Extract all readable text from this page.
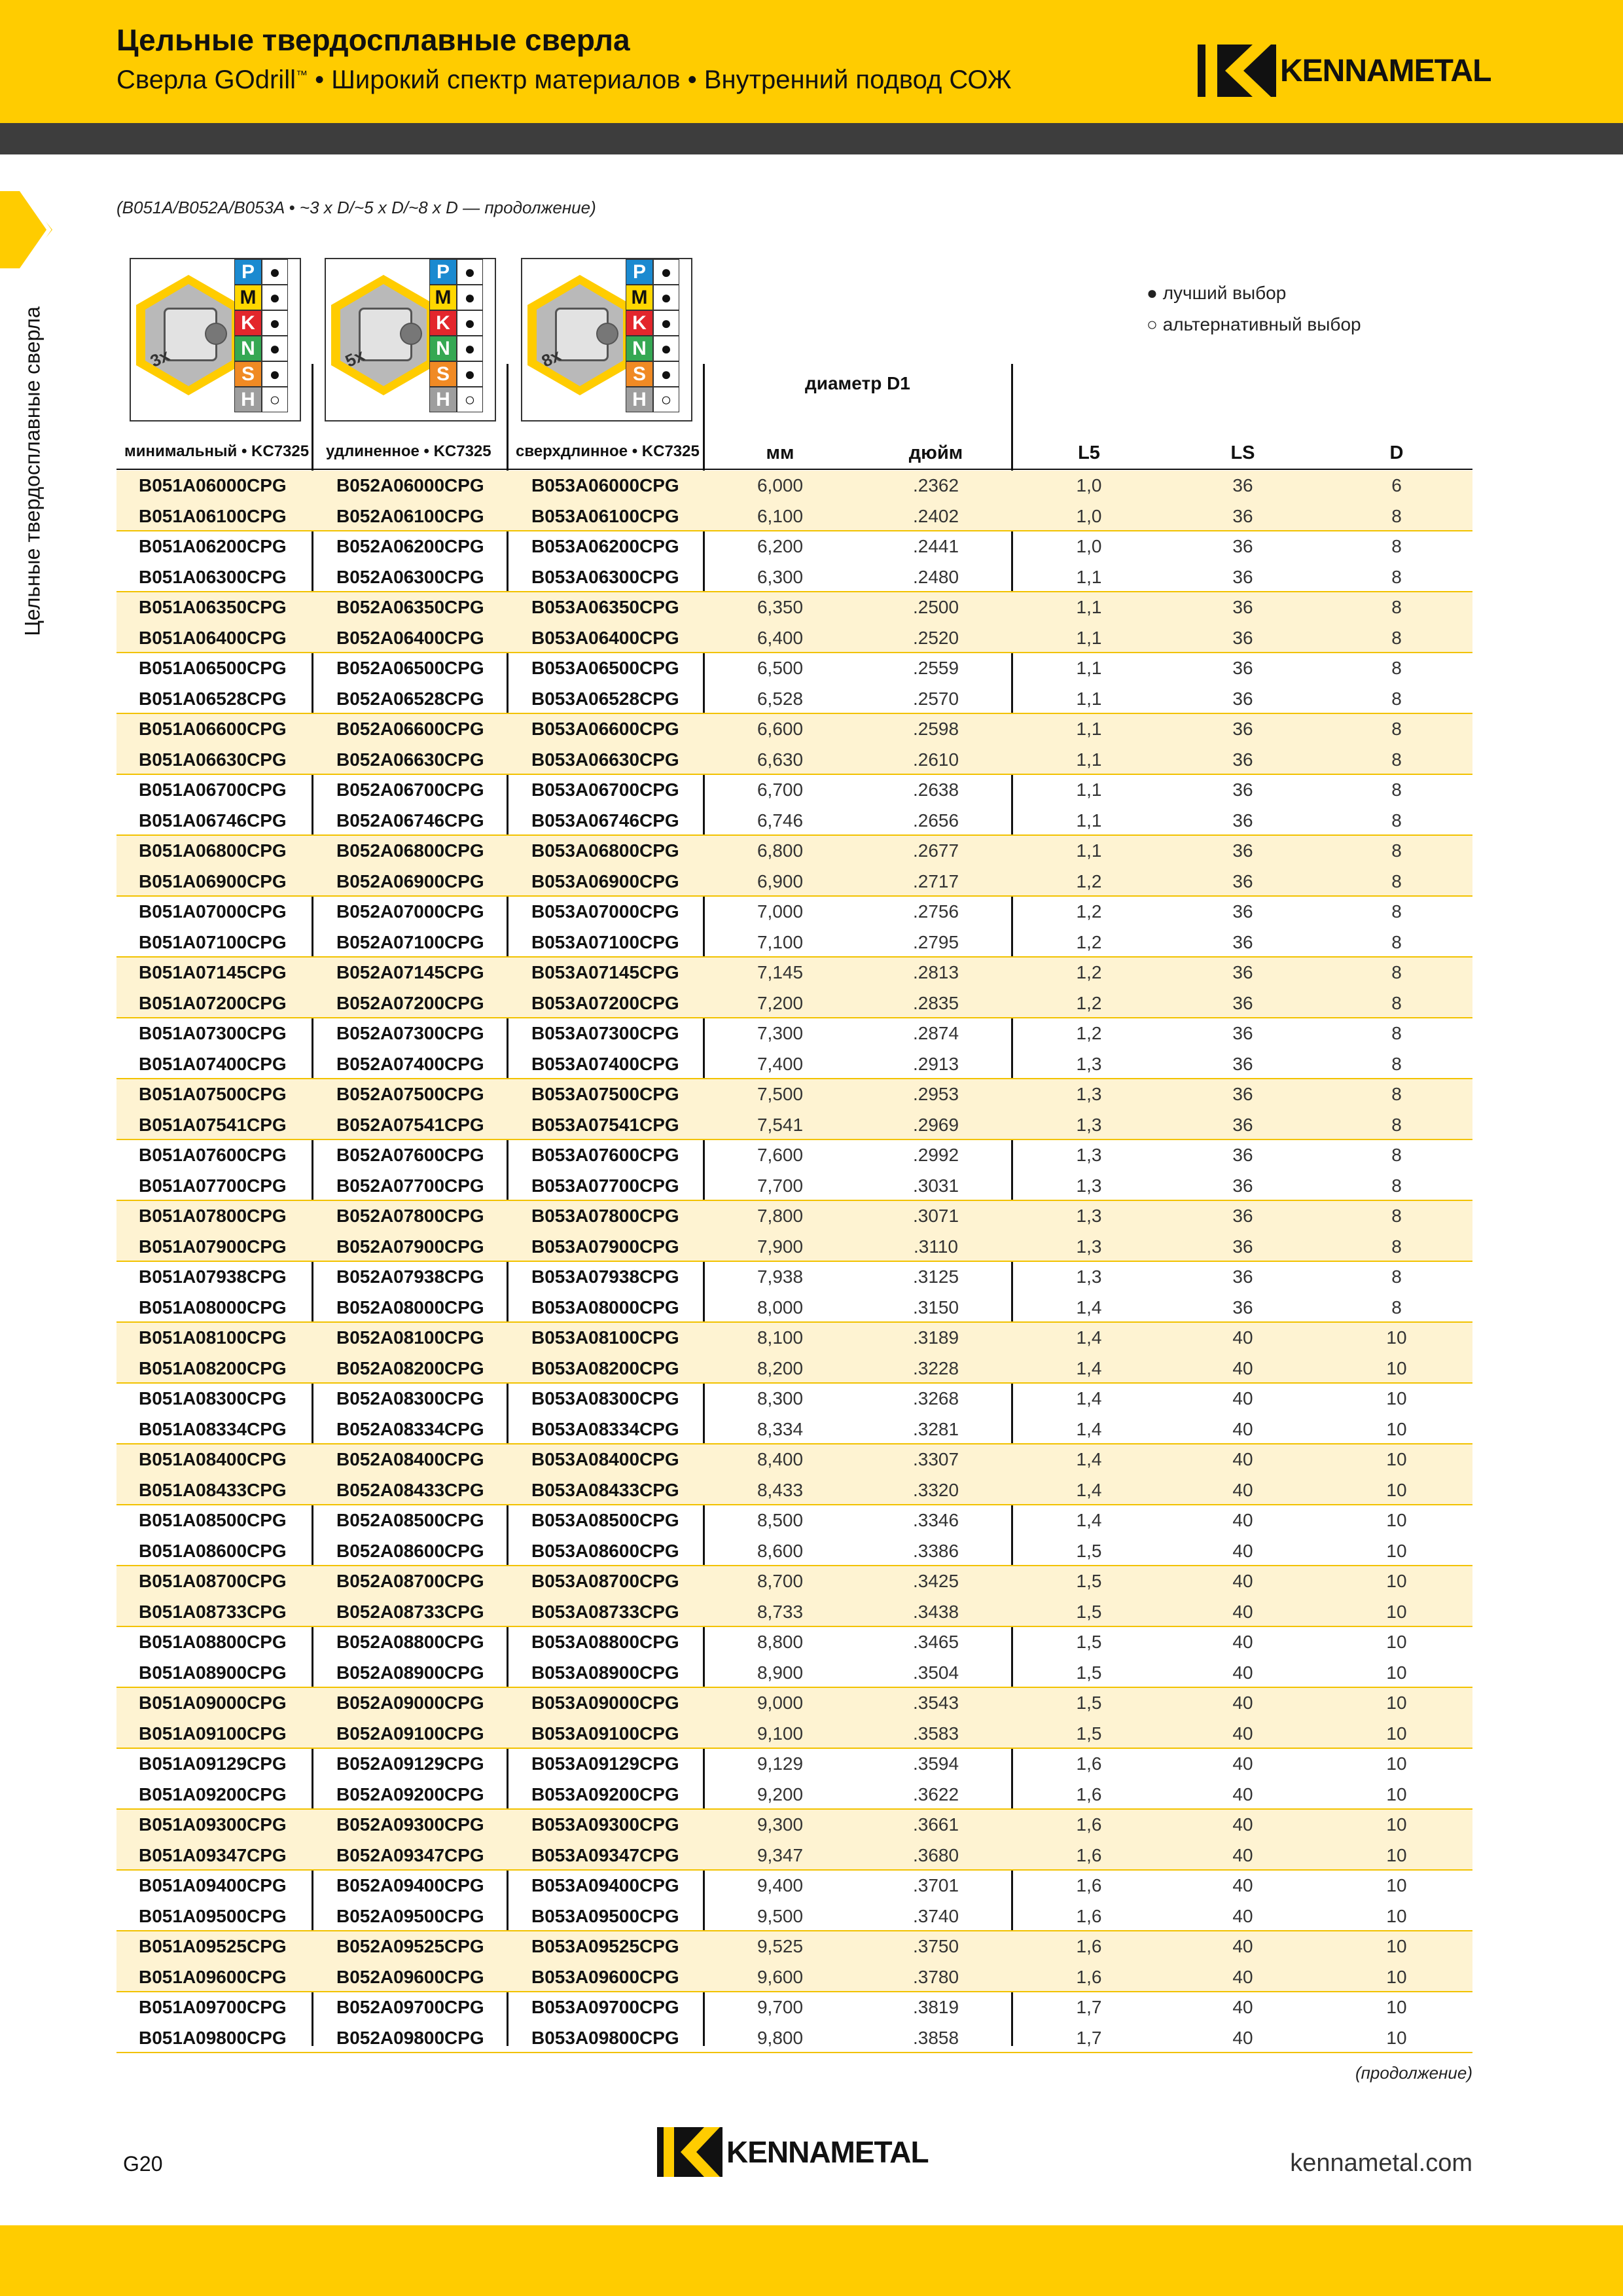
Цельные твердосплавные сверла
Сверла GOdrill™ • Широкий спектр материалов • Внутренний подвод СОЖ	KENNAMETAL
Цельные твердосплавные сверла
(B051A/B052A/B053A • ~3 x D/~5 x D/~8 x D — продолжение)
3x
P ●
M ●
K ●
N ●
S ●
H ○
5x
P ●
M ●
K ●
N ●
S ●
H ○
8x
P ●
M ●
K ●
N ●
S ●
H ○
● лучший выбор
○ альтернативный выбор
диаметр D1
минимальный • KC7325 удлиненное • KC7325 сверхдлинное • KC7325	мм	дюйм	L5	LS	D
B051A06000CPG	B052A06000CPG	B053A06000CPG	6,000	.2362	1,0	36	6
B051A06100CPG	B052A06100CPG	B053A06100CPG	6,100	.2402	1,0	36	8
B051A06200CPG	B052A06200CPG	B053A06200CPG	6,200	.2441	1,0	36	8
B051A06300CPG	B052A06300CPG	B053A06300CPG	6,300	.2480	1,1	36	8
B051A06350CPG	B052A06350CPG	B053A06350CPG	6,350	.2500	1,1	36	8
B051A06400CPG	B052A06400CPG	B053A06400CPG	6,400	.2520	1,1	36	8
B051A06500CPG	B052A06500CPG	B053A06500CPG	6,500	.2559	1,1	36	8
B051A06528CPG	B052A06528CPG	B053A06528CPG	6,528	.2570	1,1	36	8
B051A06600CPG	B052A06600CPG	B053A06600CPG	6,600	.2598	1,1	36	8
B051A06630CPG	B052A06630CPG	B053A06630CPG	6,630	.2610	1,1	36	8
B051A06700CPG	B052A06700CPG	B053A06700CPG	6,700	.2638	1,1	36	8
B051A06746CPG	B052A06746CPG	B053A06746CPG	6,746	.2656	1,1	36	8
B051A06800CPG	B052A06800CPG	B053A06800CPG	6,800	.2677	1,1	36	8
B051A06900CPG	B052A06900CPG	B053A06900CPG	6,900	.2717	1,2	36	8
B051A07000CPG	B052A07000CPG	B053A07000CPG	7,000	.2756	1,2	36	8
B051A07100CPG	B052A07100CPG	B053A07100CPG	7,100	.2795	1,2	36	8
B051A07145CPG	B052A07145CPG	B053A07145CPG	7,145	.2813	1,2	36	8
B051A07200CPG	B052A07200CPG	B053A07200CPG	7,200	.2835	1,2	36	8
B051A07300CPG	B052A07300CPG	B053A07300CPG	7,300	.2874	1,2	36	8
B051A07400CPG	B052A07400CPG	B053A07400CPG	7,400	.2913	1,3	36	8
B051A07500CPG	B052A07500CPG	B053A07500CPG	7,500	.2953	1,3	36	8
B051A07541CPG	B052A07541CPG	B053A07541CPG	7,541	.2969	1,3	36	8
B051A07600CPG	B052A07600CPG	B053A07600CPG	7,600	.2992	1,3	36	8
B051A07700CPG	B052A07700CPG	B053A07700CPG	7,700	.3031	1,3	36	8
B051A07800CPG	B052A07800CPG	B053A07800CPG	7,800	.3071	1,3	36	8
B051A07900CPG	B052A07900CPG	B053A07900CPG	7,900	.3110	1,3	36	8
B051A07938CPG	B052A07938CPG	B053A07938CPG	7,938	.3125	1,3	36	8
B051A08000CPG	B052A08000CPG	B053A08000CPG	8,000	.3150	1,4	36	8
B051A08100CPG	B052A08100CPG	B053A08100CPG	8,100	.3189	1,4	40	10
B051A08200CPG	B052A08200CPG	B053A08200CPG	8,200	.3228	1,4	40	10
B051A08300CPG	B052A08300CPG	B053A08300CPG	8,300	.3268	1,4	40	10
B051A08334CPG	B052A08334CPG	B053A08334CPG	8,334	.3281	1,4	40	10
B051A08400CPG	B052A08400CPG	B053A08400CPG	8,400	.3307	1,4	40	10
B051A08433CPG	B052A08433CPG	B053A08433CPG	8,433	.3320	1,4	40	10
B051A08500CPG	B052A08500CPG	B053A08500CPG	8,500	.3346	1,4	40	10
B051A08600CPG	B052A08600CPG	B053A08600CPG	8,600	.3386	1,5	40	10
B051A08700CPG	B052A08700CPG	B053A08700CPG	8,700	.3425	1,5	40	10
B051A08733CPG	B052A08733CPG	B053A08733CPG	8,733	.3438	1,5	40	10
B051A08800CPG	B052A08800CPG	B053A08800CPG	8,800	.3465	1,5	40	10
B051A08900CPG	B052A08900CPG	B053A08900CPG	8,900	.3504	1,5	40	10
B051A09000CPG	B052A09000CPG	B053A09000CPG	9,000	.3543	1,5	40	10
B051A09100CPG	B052A09100CPG	B053A09100CPG	9,100	.3583	1,5	40	10
B051A09129CPG	B052A09129CPG	B053A09129CPG	9,129	.3594	1,6	40	10
B051A09200CPG	B052A09200CPG	B053A09200CPG	9,200	.3622	1,6	40	10
B051A09300CPG	B052A09300CPG	B053A09300CPG	9,300	.3661	1,6	40	10
B051A09347CPG	B052A09347CPG	B053A09347CPG	9,347	.3680	1,6	40	10
B051A09400CPG	B052A09400CPG	B053A09400CPG	9,400	.3701	1,6	40	10
B051A09500CPG	B052A09500CPG	B053A09500CPG	9,500	.3740	1,6	40	10
B051A09525CPG	B052A09525CPG	B053A09525CPG	9,525	.3750	1,6	40	10
B051A09600CPG	B052A09600CPG	B053A09600CPG	9,600	.3780	1,6	40	10
B051A09700CPG	B052A09700CPG	B053A09700CPG	9,700	.3819	1,7	40	10
B051A09800CPG	B052A09800CPG	B053A09800CPG	9,800	.3858	1,7	40	10
(продолжение)
G20	KENNAMETAL	kennametal.com
